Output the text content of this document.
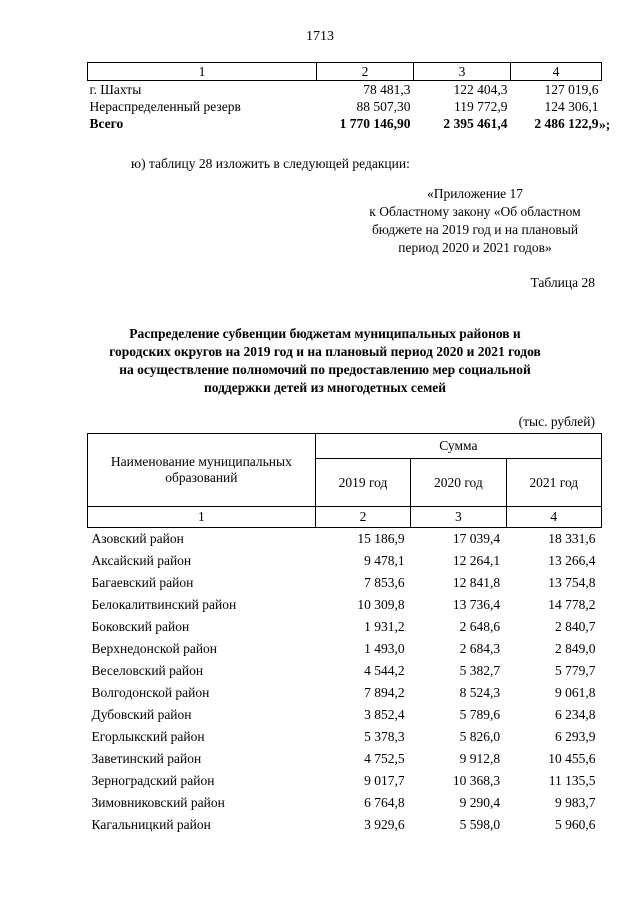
1713
1	2	3	4
г. Шахты	78 481,3	122 404,3	127 019,6
Нераспределенный резерв	88 507,30	119 772,9	124 306,1
Всего	1 770 146,90	2 395 461,4	2 486 122,9 »;
ю) таблицу 28 изложить в следующей редакции:
«Приложение 17
к Областному закону «Об областном
бюджете на 2019 год и на плановый
период 2020 и 2021 годов»
Таблица 28
Распределение субвенции бюджетам муниципальных районов и
городских округов на 2019 год и на плановый период 2020 и 2021 годов
на осуществление полномочий по предоставлению мер социальной
поддержки детей из многодетных семей
(тыс. рублей)
Наименование муниципальных образований	Сумма		
	2019 год	2020 год	2021 год
1	2	3	4
Азовский район	15 186,9	17 039,4	18 331,6
Аксайский район	9 478,1	12 264,1	13 266,4
Багаевский район	7 853,6	12 841,8	13 754,8
Белокалитвинский район	10 309,8	13 736,4	14 778,2
Боковский район	1 931,2	2 648,6	2 840,7
Верхнедонской район	1 493,0	2 684,3	2 849,0
Веселовский район	4 544,2	5 382,7	5 779,7
Волгодонской район	7 894,2	8 524,3	9 061,8
Дубовский район	3 852,4	5 789,6	6 234,8
Егорлыкский район	5 378,3	5 826,0	6 293,9
Заветинский район	4 752,5	9 912,8	10 455,6
Зерноградский район	9 017,7	10 368,3	11 135,5
Зимовниковский район	6 764,8	9 290,4	9 983,7
Кагальницкий район	3 929,6	5 598,0	5 960,6
